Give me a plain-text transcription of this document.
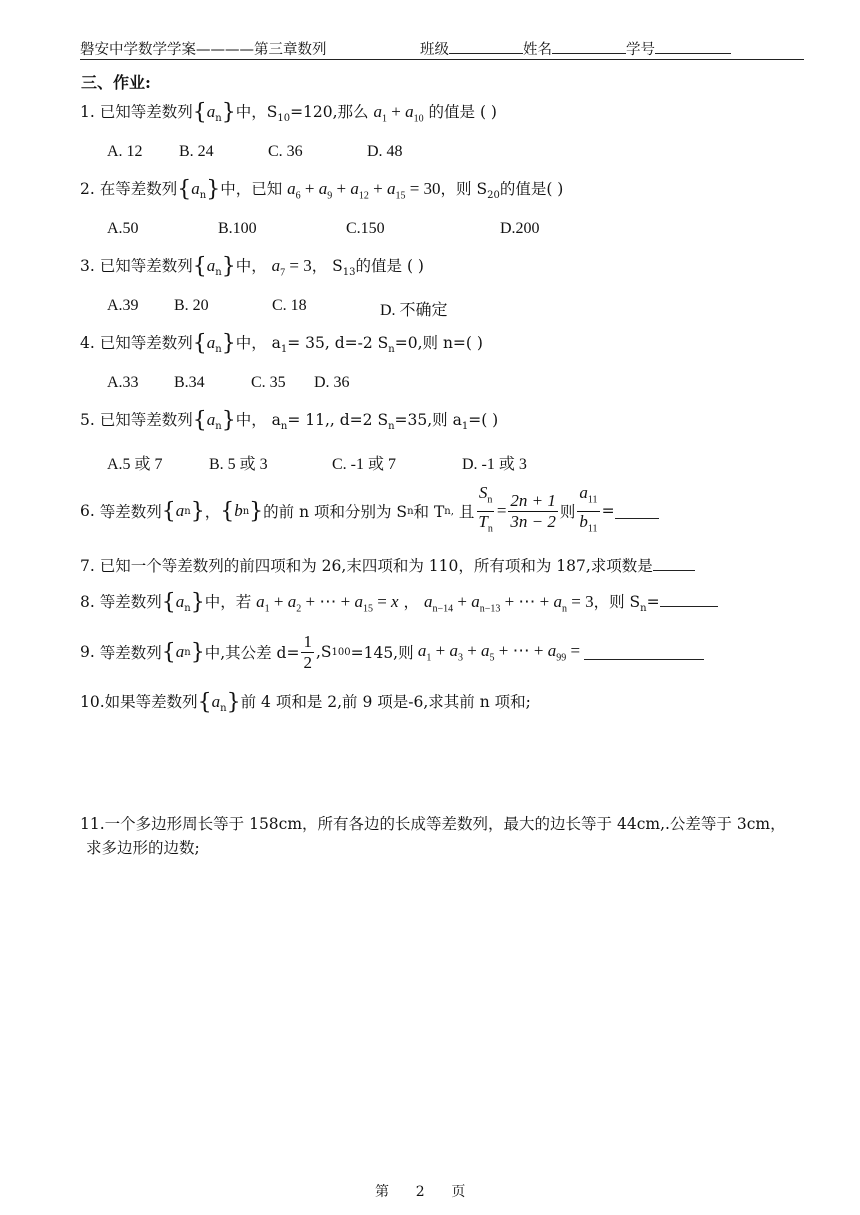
磐安中学数学学案————第三章数列	班级	姓名	学号
三、作业:
1. 已知等差数列$\{a_n\}$中，$S_{10}=120$,那么 $a_1 + a_{10}$ 的值是 ( )
A. 12 B. 24	C. 36	D. 48
2. 在等差数列$\{a_n\}$中，已知 $a_6 + a_9 + a_{12} + a_{15} = 30$，则 $S_{20}$的值是( )
A.50	B.100	C.150	D.200
3. 已知等差数列$\{a_n\}$中， $a_7 = 3$， $S_{13}$的值是 ( )
A.39 B. 20	C. 18	D. 不确定
4. 已知等差数列$\{a_n\}$中， $a_1= 35$, d=-2 $S_n=0$,则 n=( )
A.33 B.34	C. 35 D. 36
5. 已知等差数列$\{a_n\}$中， $a_n= 11$,, d=2 $S_n=35$,则 $a_1=$( )
A.5 或 7	B. 5 或 3	C. -1 或 7	D. -1 或 3
6.
等差数列 { a n } ， { b n } 的前 n 项和分别为 S n 和 T n,
且 $\frac{S_n}{T_n} = \frac{2n + 1}{3n - 2}$ 则 $\frac{a_{11}}{b_{11}}$ =
7. 已知一个等差数列的前四项和为 26,末四项和为 110，所有项和为 187,求项数是
8. 等差数列$\{a_n\}$中，若 $a_1 + a_2$ + ⋯ + $a_{15} = x$ ， $a_{n-14} + a_{n-13}$ + ⋯ + $a_n = 3$，则 $S_n=$
9.
等差数列 { a n } 中,其公差 $d= \frac{1}{2} ,S$ 100 =145,则 $a_1 + a_3 + a_5$ + ⋯ + $a_{99}$ =
10.如果等差数列$\{a_n\}$前 4 项和是 2,前 9 项是-6,求其前 n 项和;
11.一个多边形周长等于 158cm，所有各边的长成等差数列，最大的边长等于 44cm,.公差等于 3cm，
求多边形的边数;
第 2 页
